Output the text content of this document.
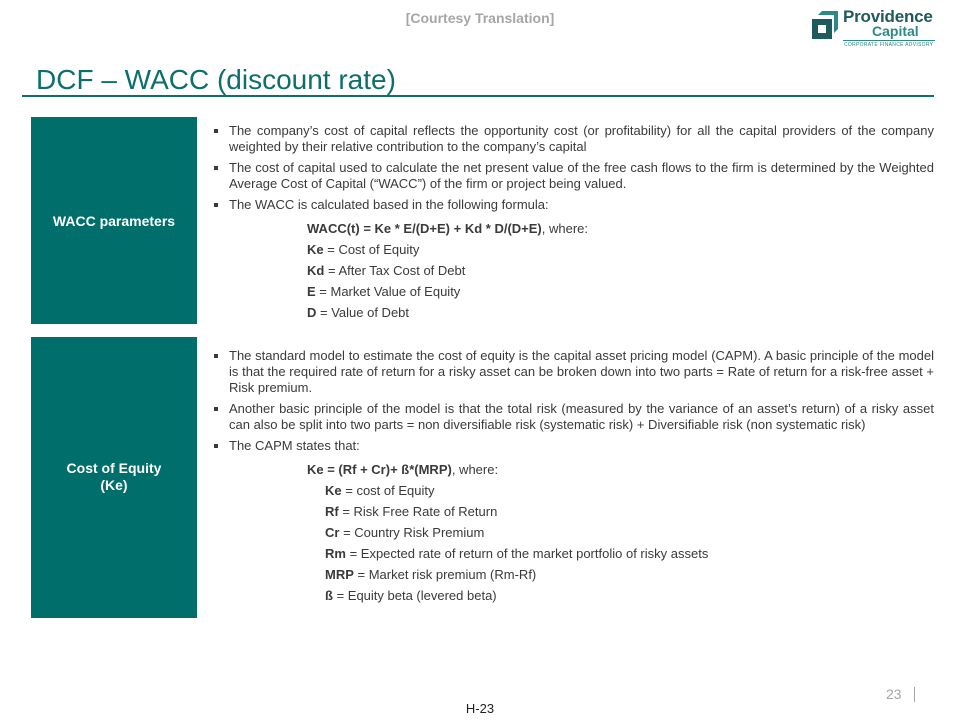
[Courtesy Translation]	Providence
Capital
CORPORATE FINANCE ADVISORY
DCF – WACC (discount rate)
WACC parameters
The company’s cost of capital reflects the opportunity cost (or profitability) for all the capital providers of the company weighted by their relative contribution to the company’s capital
The cost of capital used to calculate the net present value of the free cash flows to the firm is determined by the Weighted Average Cost of Capital (“WACC”) of the firm or project being valued.
The WACC is calculated based in the following formula:
WACC(t) = Ke * E/(D+E) + Kd * D/(D+E), where:
Ke = Cost of Equity
Kd = After Tax Cost of Debt
E = Market Value of Equity
D = Value of Debt
Cost of Equity
(Ke)
The standard model to estimate the cost of equity is the capital asset pricing model (CAPM). A basic principle of the model is that the required rate of return for a risky asset can be broken down into two parts = Rate of return for a risk-free asset + Risk premium.
Another basic principle of the model is that the total risk (measured by the variance of an asset’s return) of a risky asset can also be split into two parts = non diversifiable risk (systematic risk) + Diversifiable risk (non systematic risk)
The CAPM states that:
Ke = (Rf + Cr)+ ß*(MRP), where:
Ke = cost of Equity
Rf = Risk Free Rate of Return
Cr = Country Risk Premium
Rm = Expected rate of return of the market portfolio of risky assets
MRP = Market risk premium (Rm-Rf)
ß = Equity beta (levered beta)
23
H-23
